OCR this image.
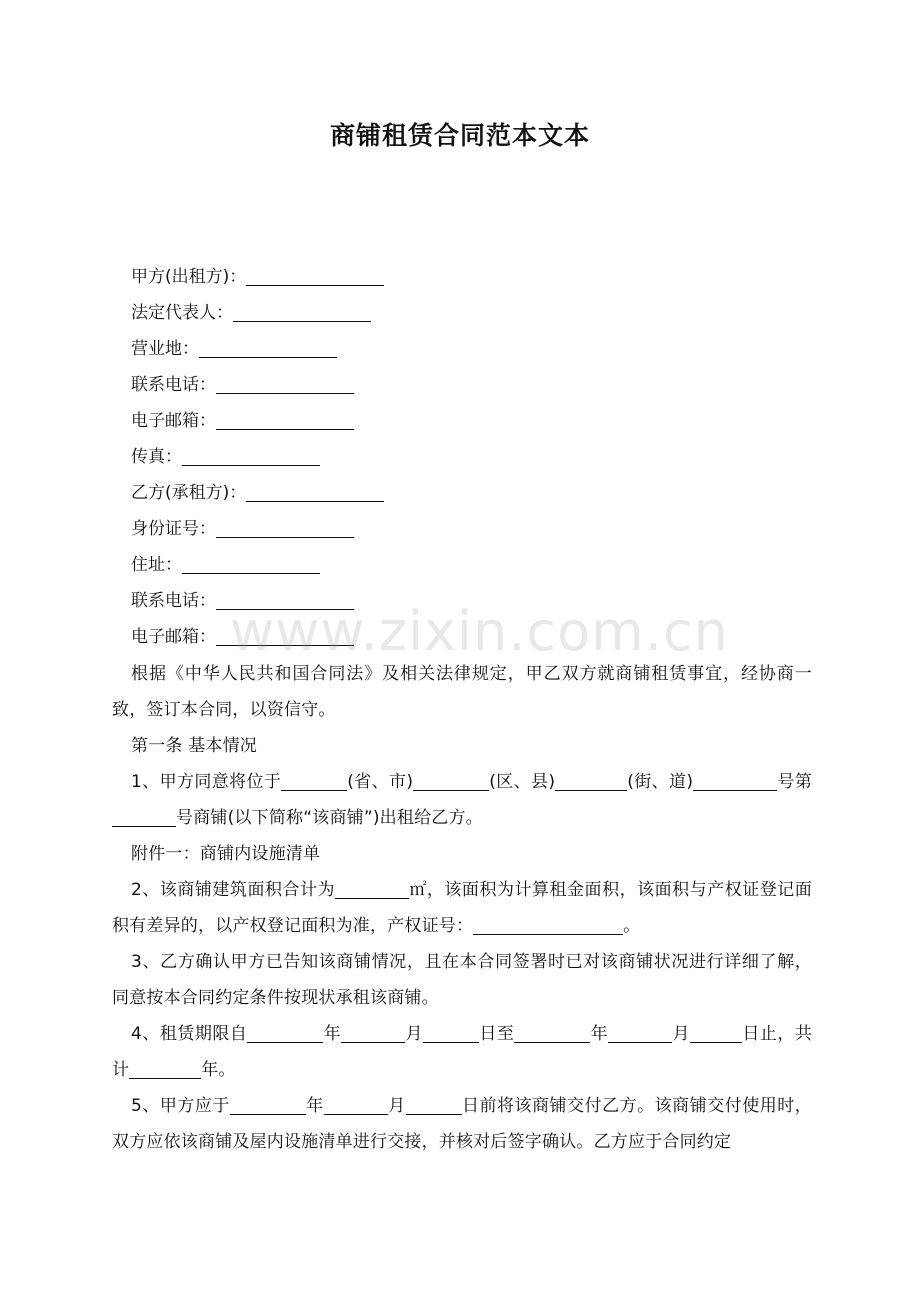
商铺租赁合同范本文本
甲方(出租方)：
法定代表人：
营业地：
联系电话：
电子邮箱：
传真：
乙方(承租方)：
身份证号：
住址：
联系电话：
电子邮箱：
根据《中华人民共和国合同法》及相关法律规定，甲乙双方就商铺租赁事宜，经协商一致，签订本合同，以资信守。
第一条 基本情况
1、甲方同意将位于	(省、市)	(区、县)	(街、道)	号第号商铺(以下简称“该商铺”)出租给乙方。
附件一：商铺内设施清单
2、该商铺建筑面积合计为	㎡，该面积为计算租金面积，该面积与产权证登记面积有差异的，以产权登记面积为准，产权证号：	。
3、乙方确认甲方已告知该商铺情况，且在本合同签署时已对该商铺状况进行详细了解，同意按本合同约定条件按现状承租该商铺。
4、租赁期限自	年	月	日至	年	月	日止，共计	年。
5、甲方应于	年	月	日前将该商铺交付乙方。该商铺交付使用时，双方应依该商铺及屋内设施清单进行交接，并核对后签字确认。乙方应于合同约定
www.zixin.com.cn
